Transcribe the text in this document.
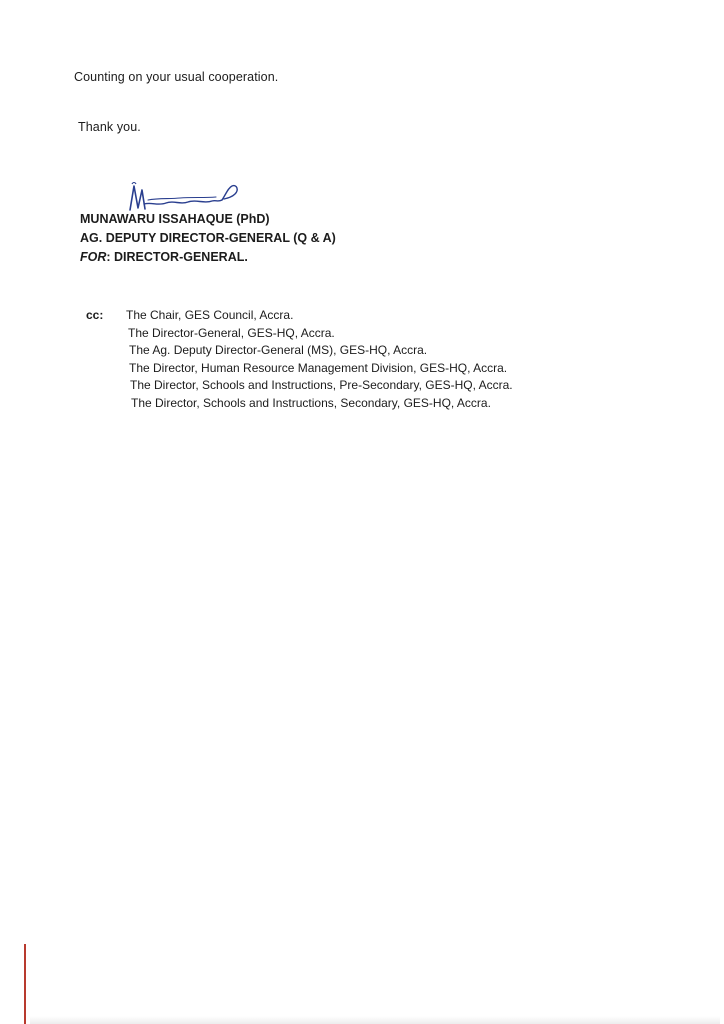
Counting on your usual cooperation.
Thank you.
MUNAWARU ISSAHAQUE (PhD)
AG. DEPUTY DIRECTOR-GENERAL (Q & A)
FOR: DIRECTOR-GENERAL.
cc: The Chair, GES Council, Accra.
The Director-General, GES-HQ, Accra.
The Ag. Deputy Director-General (MS), GES-HQ, Accra.
The Director, Human Resource Management Division, GES-HQ, Accra.
The Director, Schools and Instructions, Pre-Secondary, GES-HQ, Accra.
The Director, Schools and Instructions, Secondary, GES-HQ, Accra.
